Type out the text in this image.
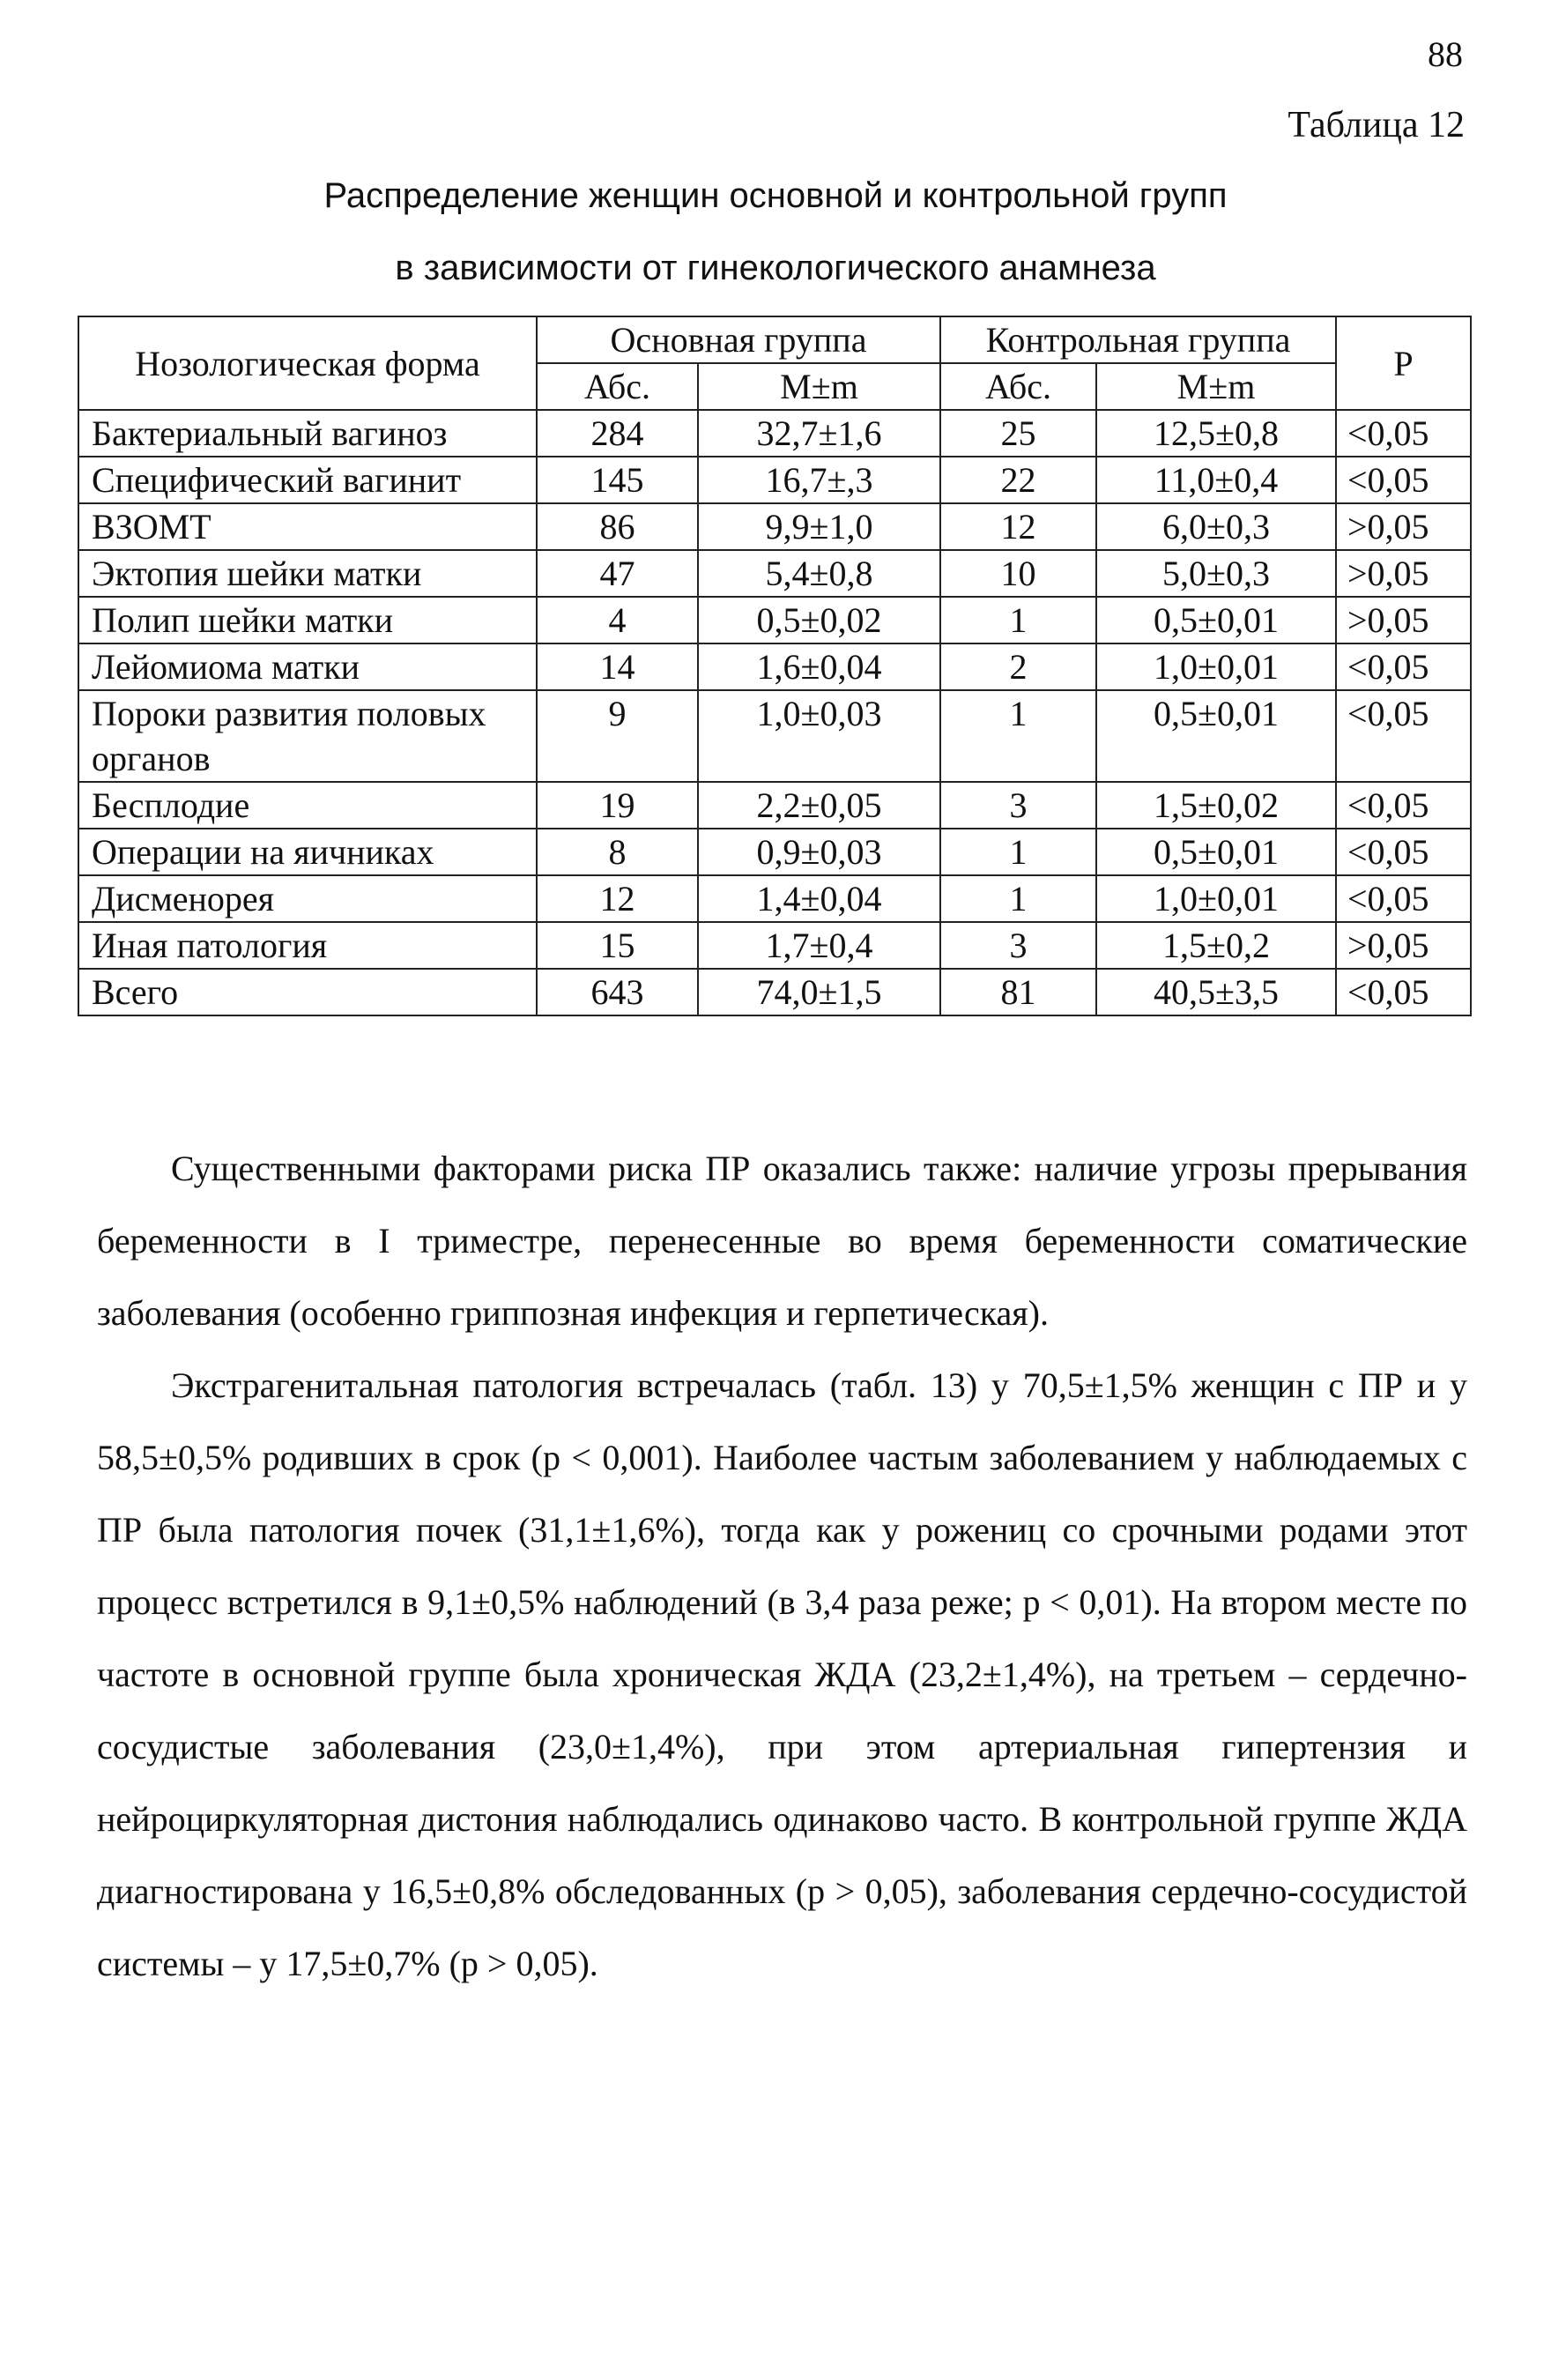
88
Таблица 12
Распределение женщин основной и контрольной групп
в зависимости от гинекологического анамнеза
Нозологическая форма	Основная группа		Контрольная группа		P
	Абс.	M±m	Абс.	M±m	
Бактериальный вагиноз	284	32,7±1,6	25	12,5±0,8	<0,05
Специфический вагинит	145	16,7±,3	22	11,0±0,4	<0,05
ВЗОМТ	86	9,9±1,0	12	6,0±0,3	>0,05
Эктопия шейки матки	47	5,4±0,8	10	5,0±0,3	>0,05
Полип шейки матки	4	0,5±0,02	1	0,5±0,01	>0,05
Лейомиома матки	14	1,6±0,04	2	1,0±0,01	<0,05
Пороки развития половых органов	9	1,0±0,03	1	0,5±0,01	<0,05
Бесплодие	19	2,2±0,05	3	1,5±0,02	<0,05
Операции на яичниках	8	0,9±0,03	1	0,5±0,01	<0,05
Дисменорея	12	1,4±0,04	1	1,0±0,01	<0,05
Иная патология	15	1,7±0,4	3	1,5±0,2	>0,05
Всего	643	74,0±1,5	81	40,5±3,5	<0,05

Существенными факторами риска ПР оказались также: наличие угрозы прерывания беременности в I триместре, перенесенные во время беременности соматические заболевания (особенно гриппозная инфекция и герпетическая).

Экстрагенитальная патология встречалась (табл. 13) у 70,5±1,5% женщин с ПР и у 58,5±0,5% родивших в срок (p < 0,001). Наиболее частым заболеванием у наблюдаемых с ПР была патология почек (31,1±1,6%), тогда как у рожениц со срочными родами этот процесс встретился в 9,1±0,5% наблюдений (в 3,4 раза реже; p < 0,01). На втором месте по частоте в основной группе была хроническая ЖДА (23,2±1,4%), на третьем – сердечно-сосудистые заболевания (23,0±1,4%), при этом артериальная гипертензия и нейроциркуляторная дистония наблюдались одинаково часто. В контрольной группе ЖДА диагностирована у 16,5±0,8% обследованных (p > 0,05), заболевания сердечно-сосудистой системы – у 17,5±0,7% (p > 0,05).
